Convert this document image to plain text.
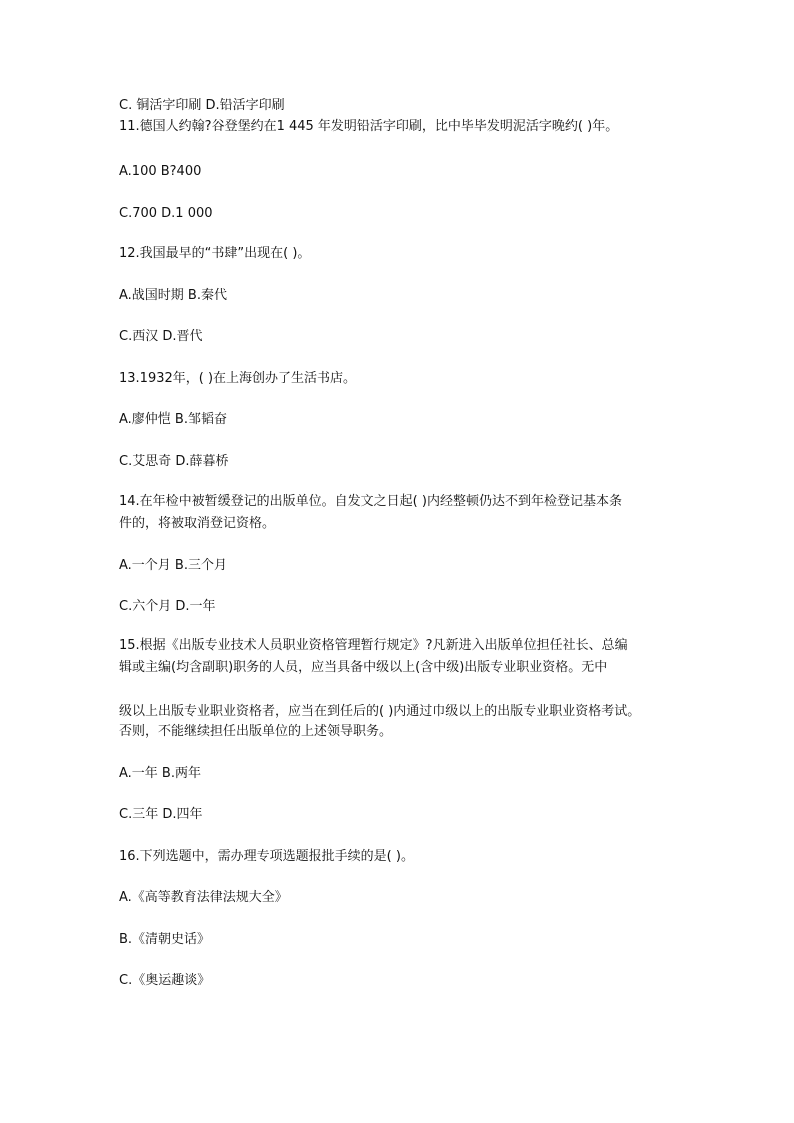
C. 铜活字印刷 D.铅活字印刷
11.德国人约翰?谷登堡约在1 445 年发明铅活字印刷，比中毕毕发明泥活字晚约( )年。
A.100 B?400
C.700 D.1 000
12.我国最早的“书肆”出现在( )。
A.战国时期 B.秦代
C.西汉 D.晋代
13.1932年，( )在上海创办了生活书店。
A.廖仲恺 B.邹韬奋
C.艾思奇 D.薛暮桥
14.在年检中被暂缓登记的出版单位。自发文之日起( )内经整顿仍达不到年检登记基本条
件的，将被取消登记资格。
A.一个月 B.三个月
C.六个月 D.一年
15.根据《出版专业技术人员职业资格管理暂行规定》?凡新进入出版单位担任社长、总编
辑或主编(均含副职)职务的人员，应当具备中级以上(含中级)出版专业职业资格。无中
级以上出版专业职业资格者，应当在到任后的( )内通过巾级以上的出版专业职业资格考试。
否则，不能继续担任出版单位的上述领导职务。
A.一年 B.两年
C.三年 D.四年
16.下列选题中，需办理专项选题报批手续的是( )。
A.《高等教育法律法规大全》
B.《清朝史话》
C.《奥运趣谈》
